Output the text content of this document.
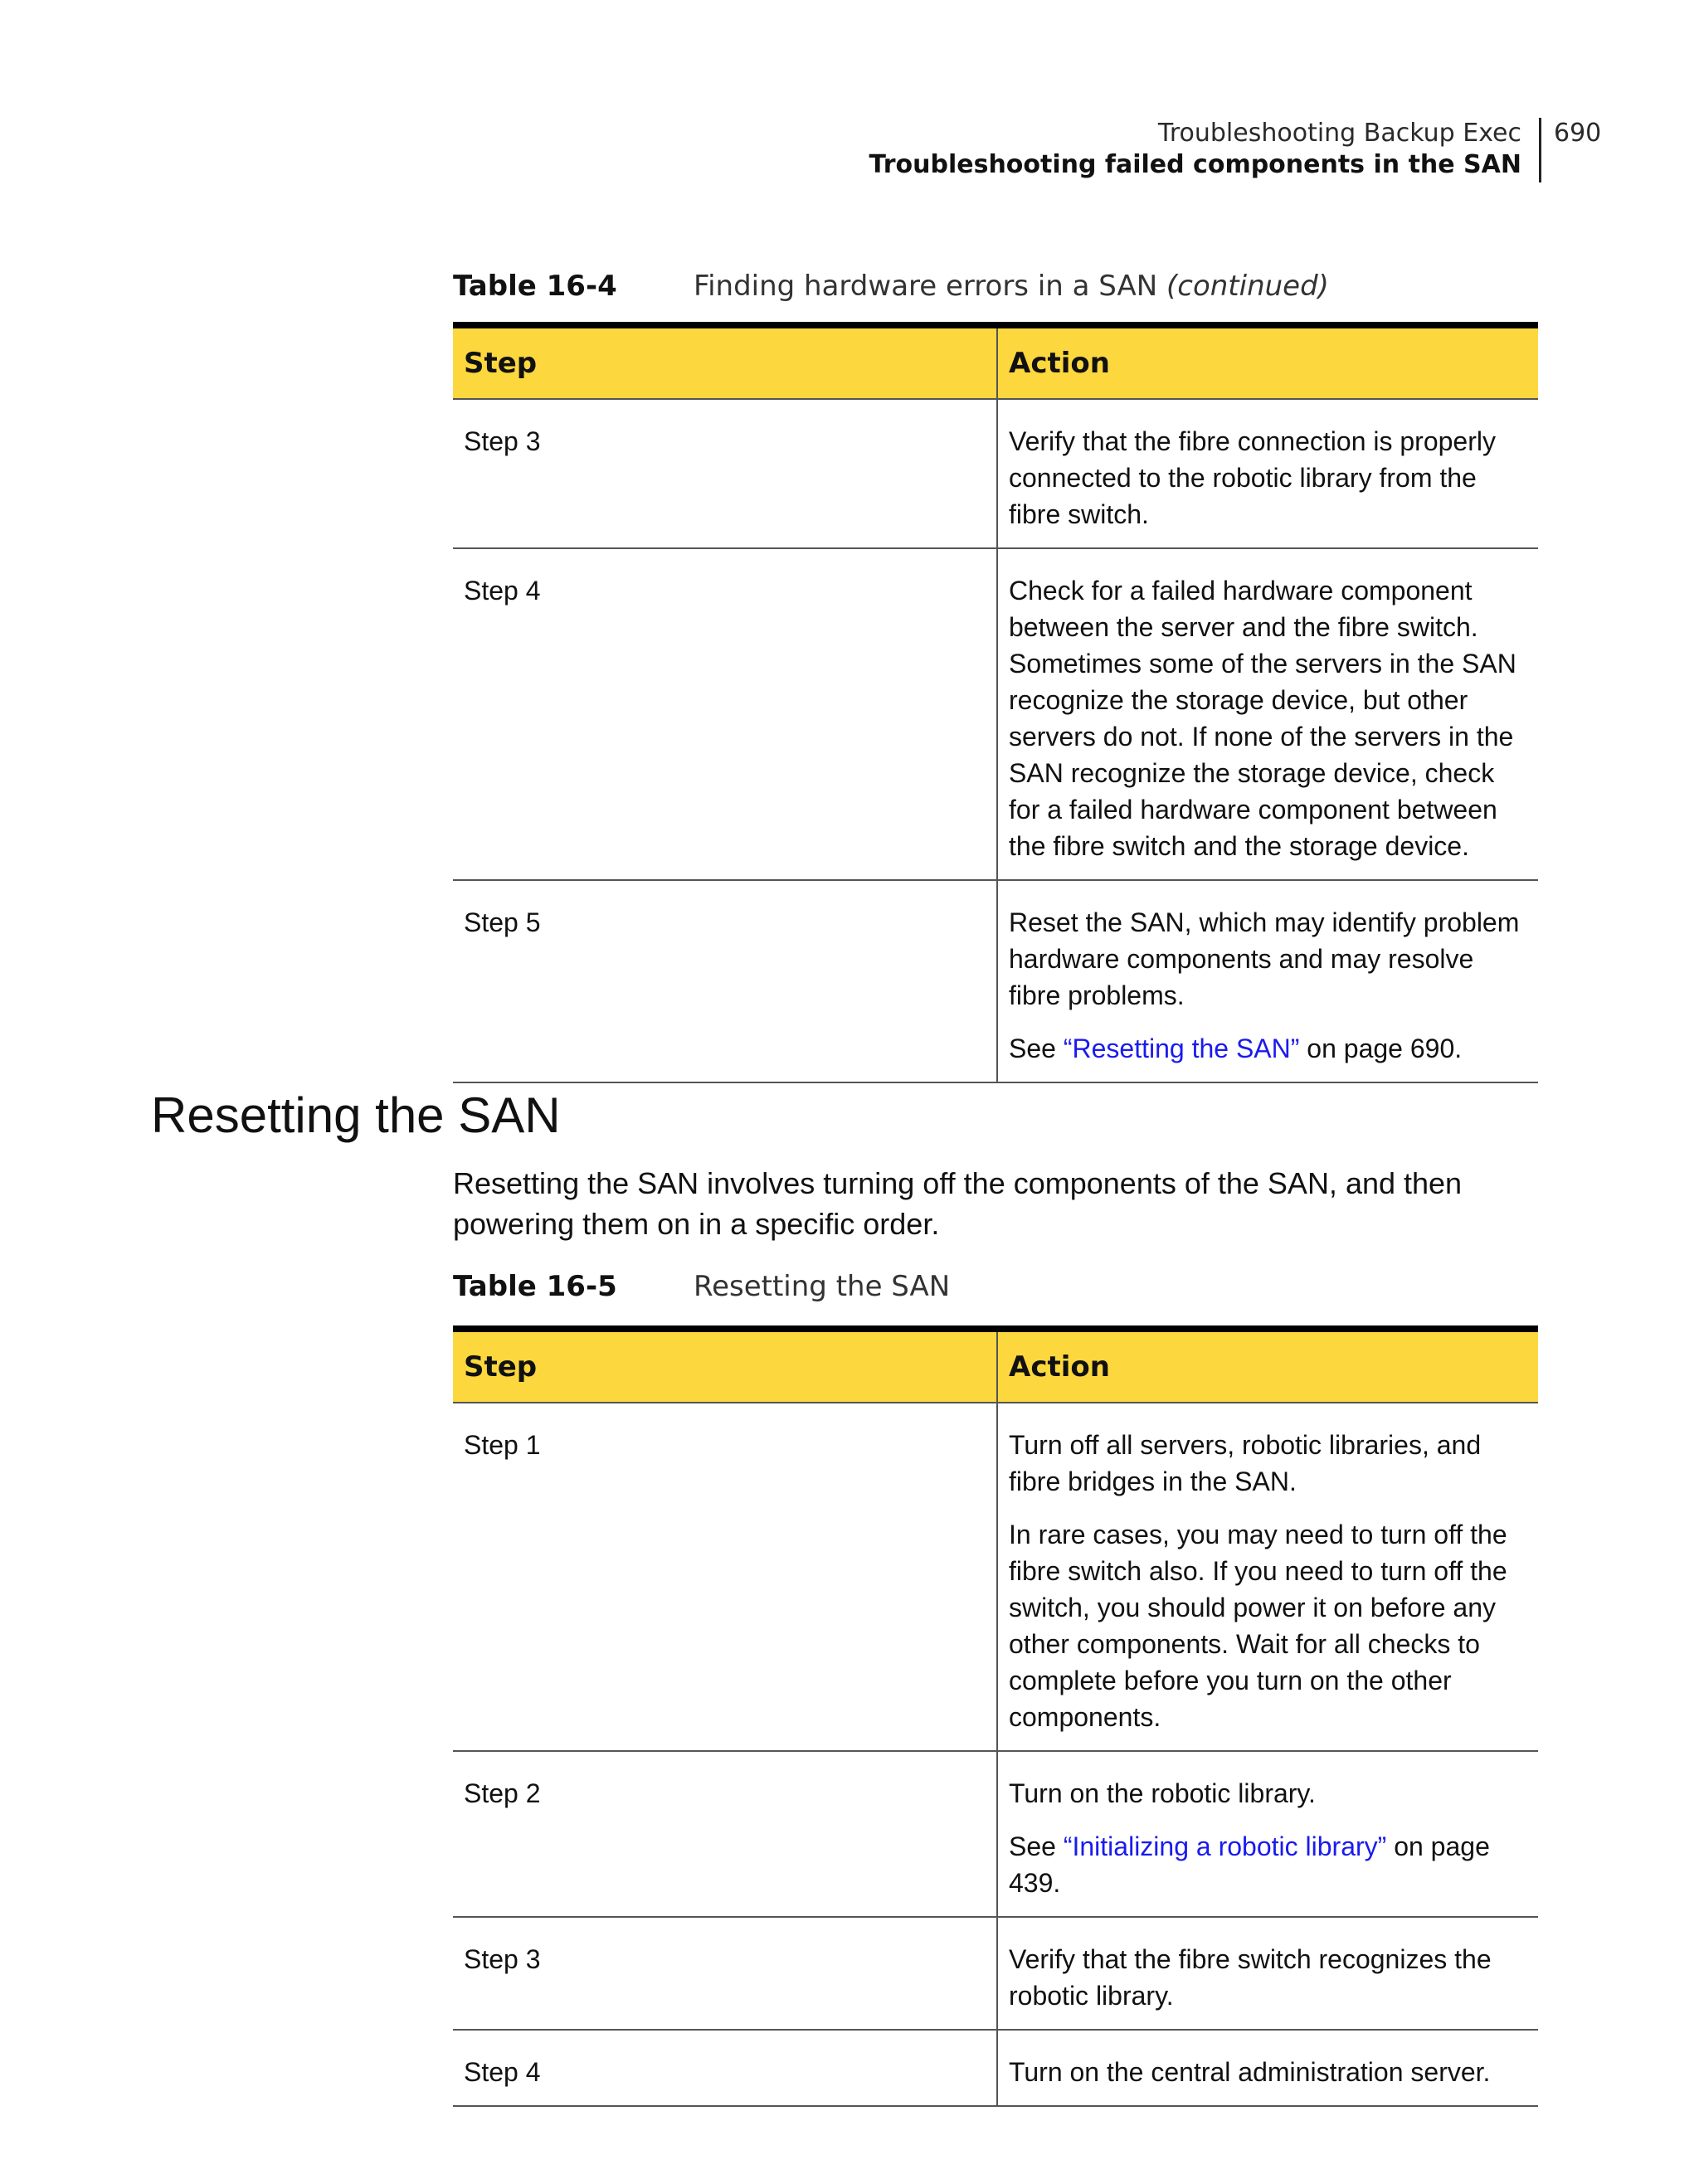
Troubleshooting Backup Exec
Troubleshooting failed components in the SAN
690
Table 16-4	Finding hardware errors in a SAN (continued)
Step	Action
Step 3	Verify that the fibre connection is properly connected to the robotic library from the fibre switch.

Step 4	Check for a failed hardware component between the server and the fibre switch. Sometimes some of the servers in the SAN recognize the storage device, but other servers do not. If none of the servers in the SAN recognize the storage device, check for a failed hardware component between the fibre switch and the storage device.

Step 5	Reset the SAN, which may identify problem hardware components and may resolve fibre problems.

See “Resetting the SAN” on page 690.

Resetting the SAN

Resetting the SAN involves turning off the components of the SAN, and then powering them on in a specific order.

Table 16-5	Resetting the SAN
Step	Action
Step 1	Turn off all servers, robotic libraries, and fibre bridges in the SAN.

In rare cases, you may need to turn off the fibre switch also. If you need to turn off the switch, you should power it on before any other components. Wait for all checks to complete before you turn on the other components.

Step 2	Turn on the robotic library.

See “Initializing a robotic library” on page 439.

Step 3	Verify that the fibre switch recognizes the robotic library.

Step 4	Turn on the central administration server.
